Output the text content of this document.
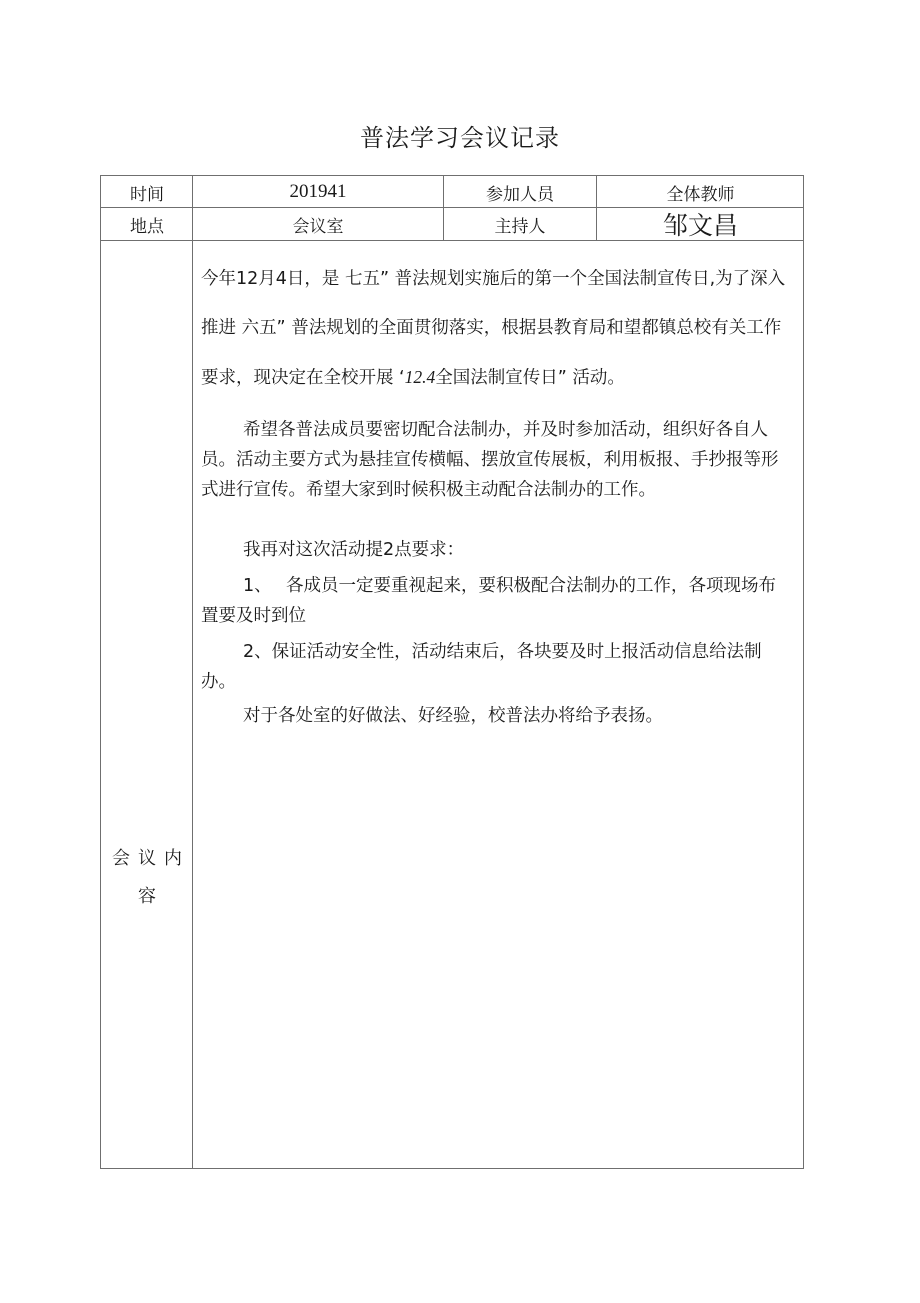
普法学习会议记录
时间	201941	参加人员	全体教师
地点	会议室	主持人	邹文昌
会议内
容

今年12月4日，是 七五” 普法规划实施后的第一个全国法制宣传日,为了深入推进 六五” 普法规划的全面贯彻落实，根据县教育局和望都镇总校有关工作要求，现决定在全校开展 ‘12.4全国法制宣传日” 活动。

希望各普法成员要密切配合法制办，并及时参加活动，组织好各自人员。活动主要方式为悬挂宣传横幅、摆放宣传展板，利用板报、手抄报等形式进行宣传。希望大家到时候积极主动配合法制办的工作。

我再对这次活动提2点要求：

1、　 各成员一定要重视起来，要积极配合法制办的工作，各项现场布置要及时到位

2、保证活动安全性，活动结束后，各块要及时上报活动信息给法制办。

对于各处室的好做法、好经验，校普法办将给予表扬。
